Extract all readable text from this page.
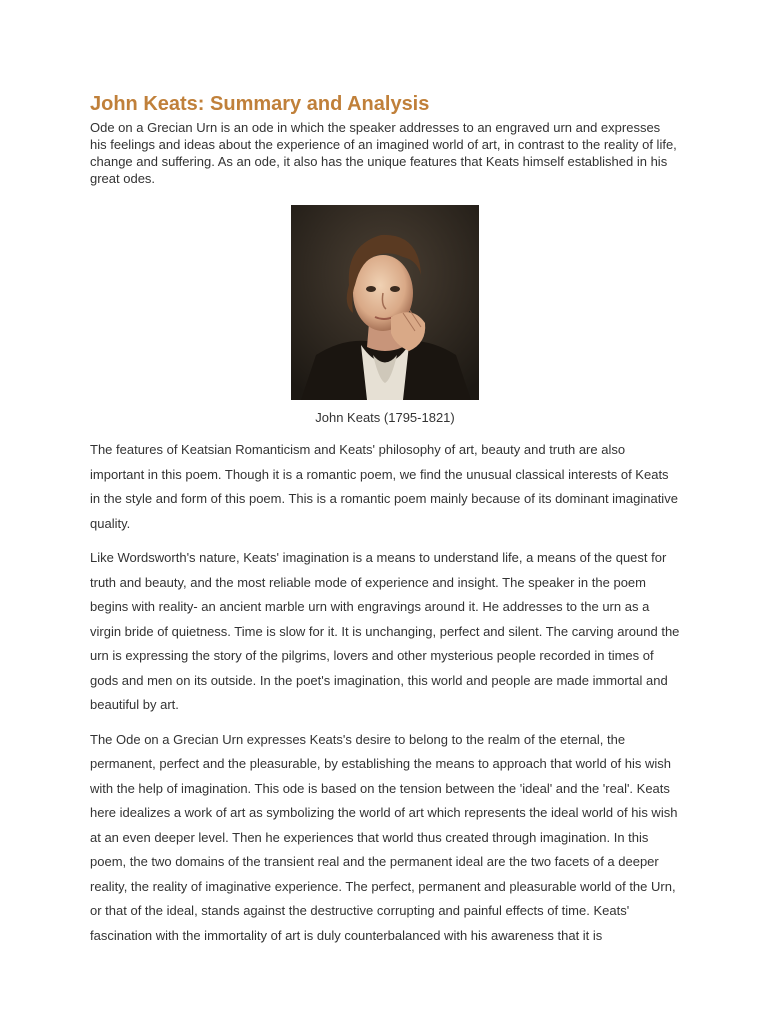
John Keats: Summary and Analysis

Ode on a Grecian Urn is an ode in which the speaker addresses to an engraved urn and expresses his feelings and ideas about the experience of an imagined world of art, in contrast to the reality of life, change and suffering. As an ode, it also has the unique features that Keats himself established in his great odes.

John Keats (1795-1821)

The features of Keatsian Romanticism and Keats' philosophy of art, beauty and truth are also important in this poem. Though it is a romantic poem, we find the unusual classical interests of Keats in the style and form of this poem. This is a romantic poem mainly because of its dominant imaginative quality.

Like Wordsworth's nature, Keats' imagination is a means to understand life, a means of the quest for truth and beauty, and the most reliable mode of experience and insight. The speaker in the poem begins with reality- an ancient marble urn with engravings around it. He addresses to the urn as a virgin bride of quietness. Time is slow for it. It is unchanging, perfect and silent. The carving around the urn is expressing the story of the pilgrims, lovers and other mysterious people recorded in times of gods and men on its outside. In the poet's imagination, this world and people are made immortal and beautiful by art.

The Ode on a Grecian Urn expresses Keats's desire to belong to the realm of the eternal, the permanent, perfect and the pleasurable, by establishing the means to approach that world of his wish with the help of imagination. This ode is based on the tension between the 'ideal' and the 'real'. Keats here idealizes a work of art as symbolizing the world of art which represents the ideal world of his wish at an even deeper level. Then he experiences that world thus created through imagination. In this poem, the two domains of the transient real and the permanent ideal are the two facets of a deeper reality, the reality of imaginative experience. The perfect, permanent and pleasurable world of the Urn, or that of the ideal, stands against the destructive corrupting and painful effects of time. Keats' fascination with the immortality of art is duly counterbalanced with his awareness that it is
